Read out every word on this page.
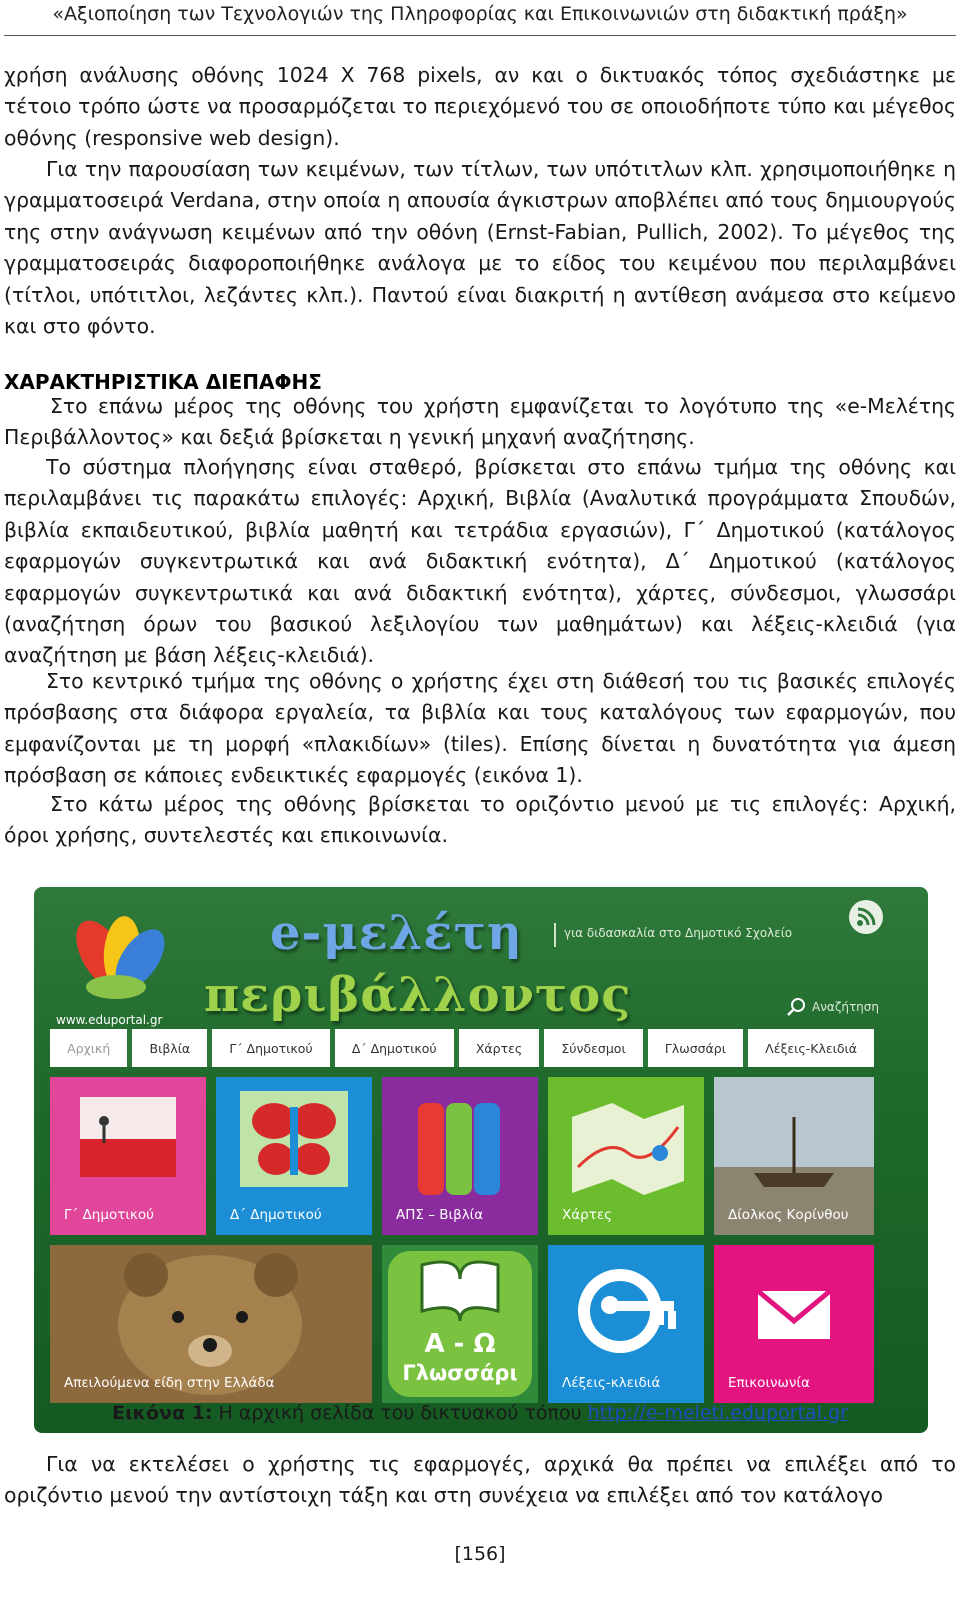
«Αξιοποίηση των Τεχνολογιών της Πληροφορίας και Επικοινωνιών στη διδακτική πράξη»

χρήση ανάλυσης οθόνης 1024 Χ 768 pixels, αν και ο δικτυακός τόπος σχεδιάστηκε με τέτοιο τρόπο ώστε να προσαρμόζεται το περιεχόμενό του σε οποιοδήποτε τύπο και μέγεθος οθόνης (responsive web design).

Για την παρουσίαση των κειμένων, των τίτλων, των υπότιτλων κλπ. χρησιμοποιήθηκε η γραμματοσειρά Verdana, στην οποία η απουσία άγκιστρων αποβλέπει από τους δημιουργούς της στην ανάγνωση κειμένων από την οθόνη (Ernst-Fabian, Pullich, 2002). Το μέγεθος της γραμματοσειράς διαφοροποιήθηκε ανάλογα με το είδος του κειμένου που περιλαμβάνει (τίτλοι, υπότιτλοι, λεζάντες κλπ.). Παντού είναι διακριτή η αντίθεση ανάμεσα στο κείμενο και στο φόντο.

ΧΑΡΑΚΤΗΡΙΣΤΙΚΑ ΔΙΕΠΑΦΗΣ

Στο επάνω μέρος της οθόνης του χρήστη εμφανίζεται το λογότυπο της «e-Μελέτης Περιβάλλοντος» και δεξιά βρίσκεται η γενική μηχανή αναζήτησης.

Το σύστημα πλοήγησης είναι σταθερό, βρίσκεται στο επάνω τμήμα της οθόνης και περιλαμβάνει τις παρακάτω επιλογές: Αρχική, Βιβλία (Αναλυτικά προγράμματα Σπουδών, βιβλία εκπαιδευτικού, βιβλία μαθητή και τετράδια εργασιών), Γ΄ Δημοτικού (κατάλογος εφαρμογών συγκεντρωτικά και ανά διδακτική ενότητα), Δ΄ Δημοτικού (κατάλογος εφαρμογών συγκεντρωτικά και ανά διδακτική ενότητα), χάρτες, σύνδεσμοι, γλωσσάρι (αναζήτηση όρων του βασικού λεξιλογίου των μαθημάτων) και λέξεις-κλειδιά (για αναζήτηση με βάση λέξεις-κλειδιά).

Στο κεντρικό τμήμα της οθόνης ο χρήστης έχει στη διάθεσή του τις βασικές επιλογές πρόσβασης στα διάφορα εργαλεία, τα βιβλία και τους καταλόγους των εφαρμογών, που εμφανίζονται με τη μορφή «πλακιδίων» (tiles). Επίσης δίνεται η δυνατότητα για άμεση πρόσβαση σε κάποιες ενδεικτικές εφαρμογές (εικόνα 1).

Στο κάτω μέρος της οθόνης βρίσκεται το οριζόντιο μενού με τις επιλογές: Αρχική, όροι χρήσης, συντελεστές και επικοινωνία.

www.eduportal.gr
e-μελέτη
περιβάλλοντος
για διδασκαλία στο Δημοτικό Σχολείο
Αναζήτηση
Αρχική	Βιβλία	Γ΄ Δημοτικού	Δ΄ Δημοτικού	Χάρτες	Σύνδεσμοι	Γλωσσάρι	Λέξεις-Κλειδιά
Γ΄ Δημοτικού	Δ΄ Δημοτικού	ΑΠΣ – Βιβλία	Χάρτες	Δίολκος Κορίνθου
Απειλούμενα είδη στην Ελλάδα
Α - Ω
Γλωσσάρι	Λέξεις-κλειδιά	Επικοινωνία

Εικόνα 1: Η αρχική σελίδα του δικτυακού τόπου http://e-meleti.eduportal.gr

Για να εκτελέσει ο χρήστης τις εφαρμογές, αρχικά θα πρέπει να επιλέξει από το οριζόντιο μενού την αντίστοιχη τάξη και στη συνέχεια να επιλέξει από τον κατάλογο

[156]
